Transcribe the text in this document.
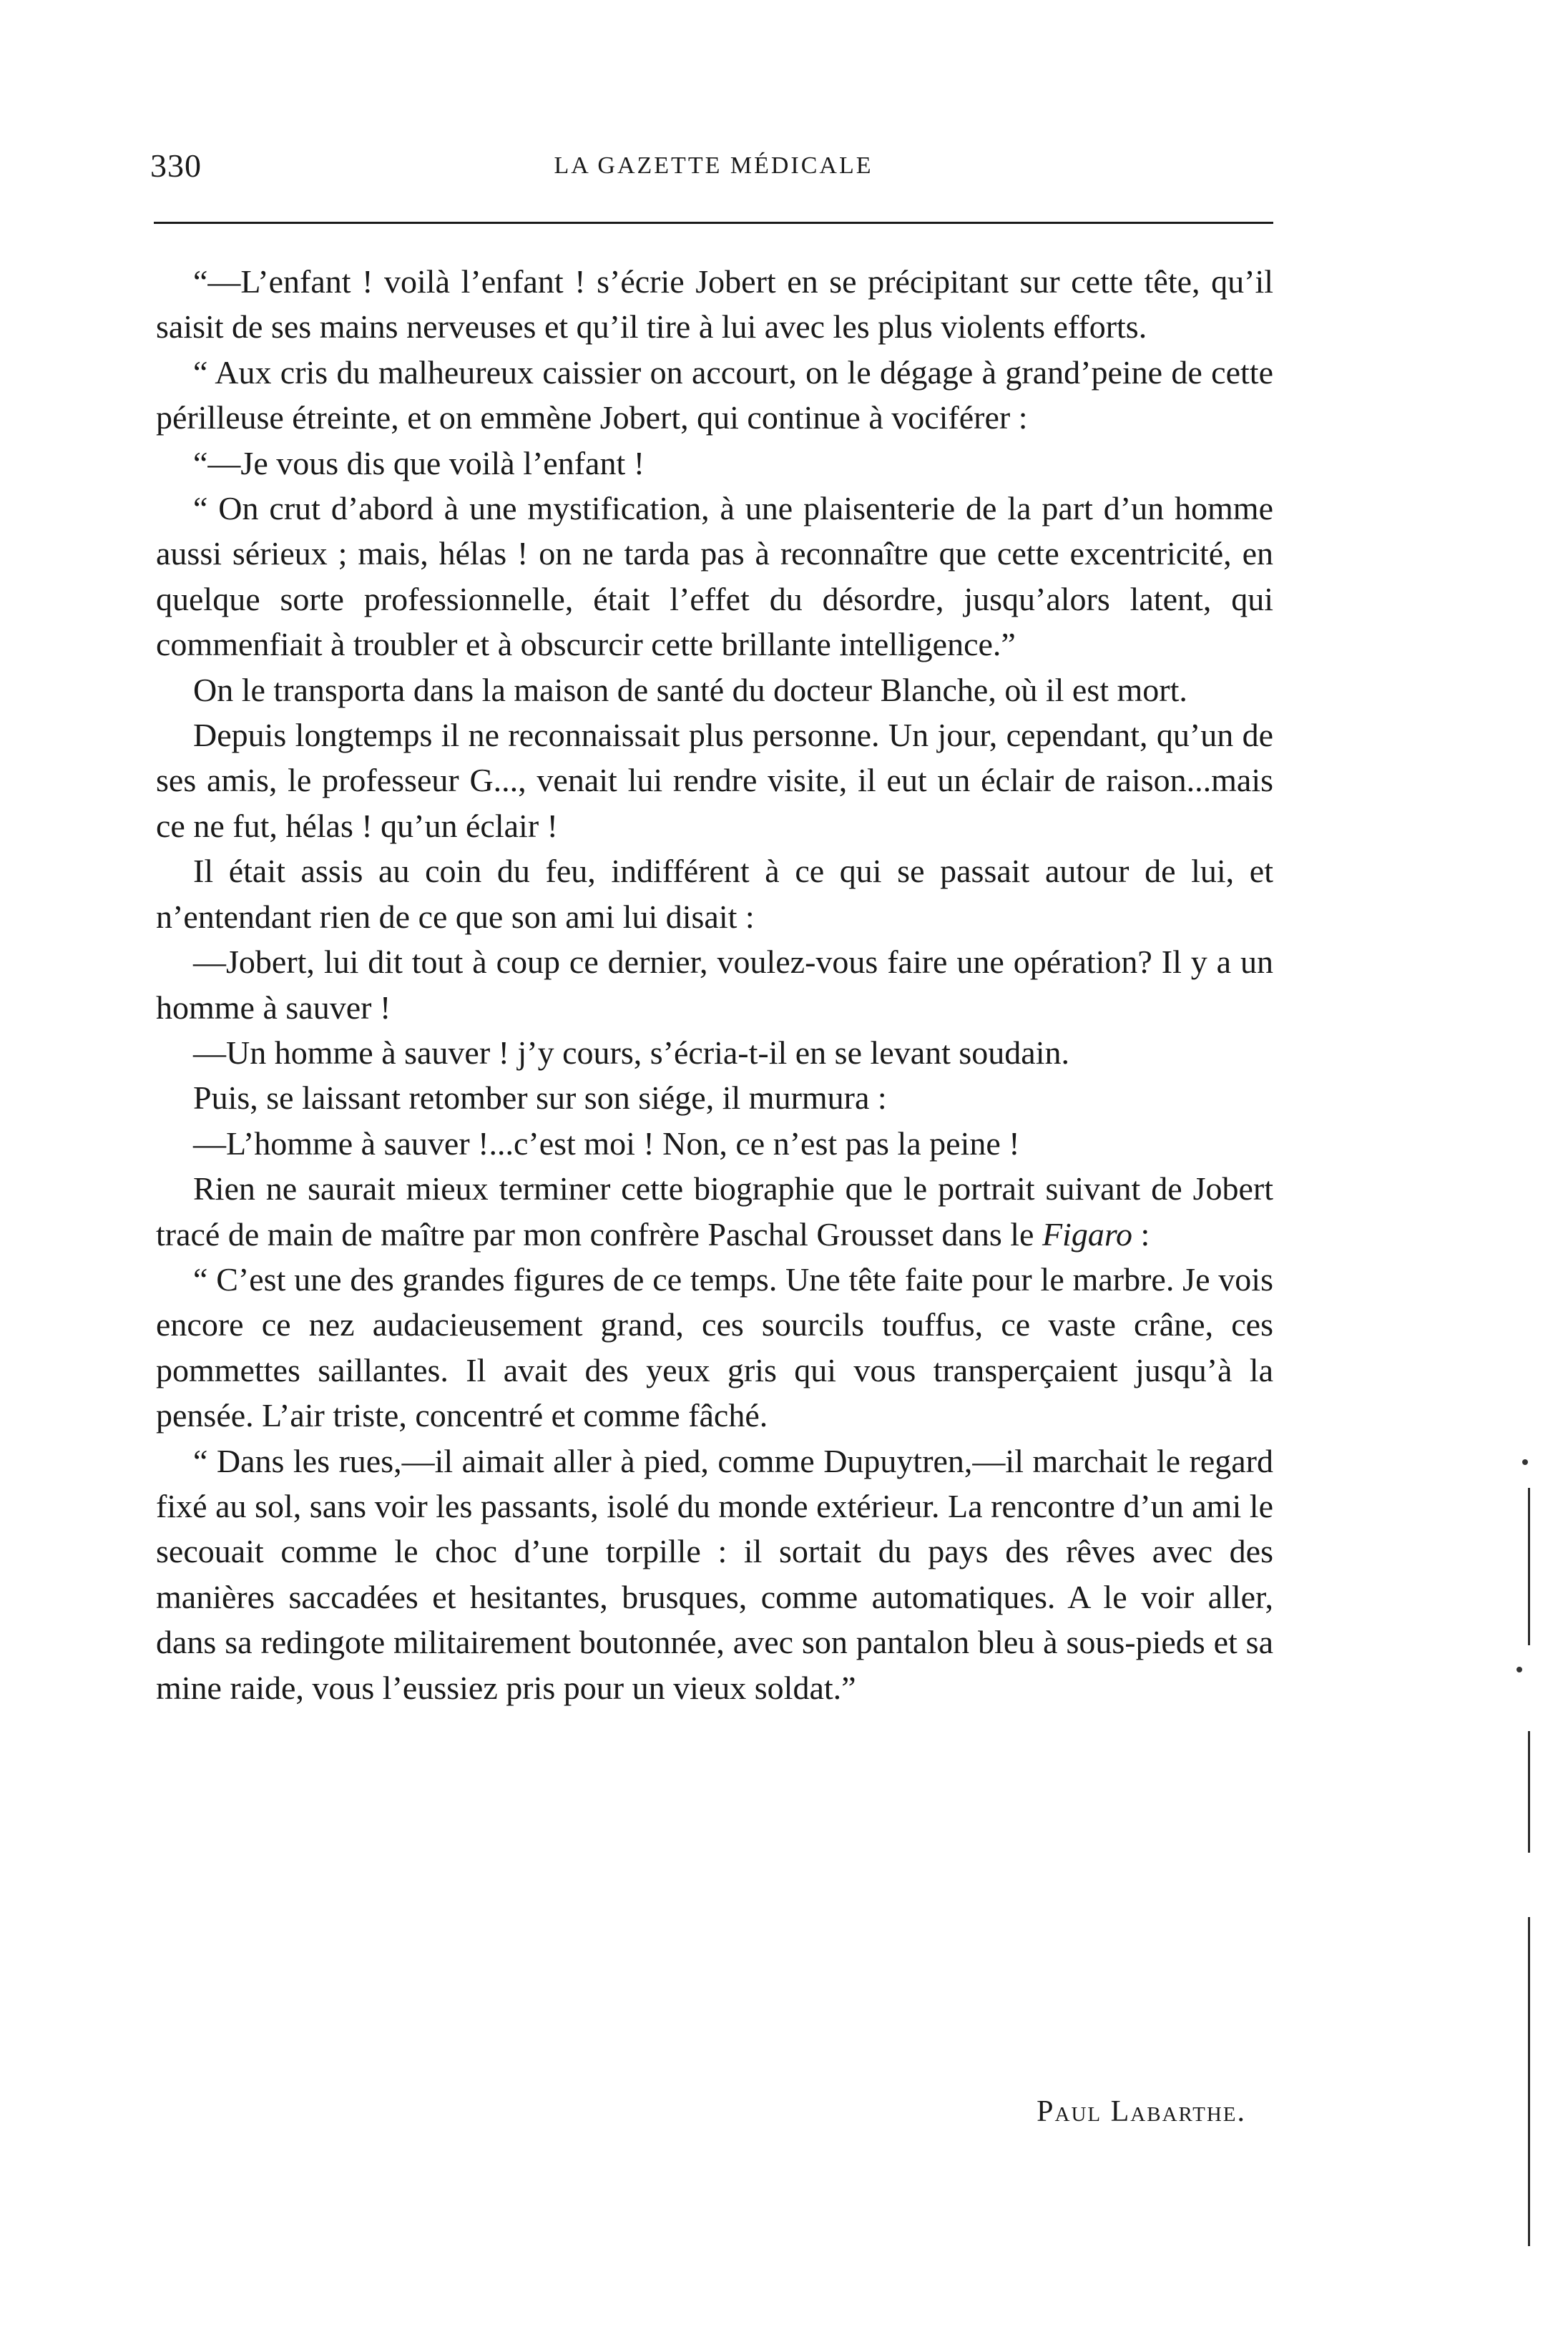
330	LA GAZETTE MÉDICALE

“—L’enfant ! voilà l’enfant ! s’écrie Jobert en se précipitant sur cette tête, qu’il saisit de ses mains nerveuses et qu’il tire à lui avec les plus violents efforts.

“ Aux cris du malheureux caissier on accourt, on le dégage à grand’peine de cette périlleuse étreinte, et on emmène Jobert, qui continue à vociférer :

“—Je vous dis que voilà l’enfant !

“ On crut d’abord à une mystification, à une plaisenterie de la part d’un homme aussi sérieux ; mais, hélas ! on ne tarda pas à reconnaître que cette excentricité, en quelque sorte professionnelle, était l’effet du désordre, jusqu’alors latent, qui commenfiait à troubler et à obscurcir cette brillante intelligence.”

On le transporta dans la maison de santé du docteur Blanche, où il est mort.

Depuis longtemps il ne reconnaissait plus personne. Un jour, cependant, qu’un de ses amis, le professeur G..., venait lui rendre visite, il eut un éclair de raison...mais ce ne fut, hélas ! qu’un éclair !

Il était assis au coin du feu, indifférent à ce qui se passait autour de lui, et n’entendant rien de ce que son ami lui disait :

—Jobert, lui dit tout à coup ce dernier, voulez-vous faire une opération? Il y a un homme à sauver !

—Un homme à sauver ! j’y cours, s’écria-t-il en se levant soudain.

Puis, se laissant retomber sur son siége, il murmura :

—L’homme à sauver !...c’est moi ! Non, ce n’est pas la peine !

Rien ne saurait mieux terminer cette biographie que le portrait suivant de Jobert tracé de main de maître par mon confrère Paschal Grousset dans le Figaro :

“ C’est une des grandes figures de ce temps. Une tête faite pour le marbre. Je vois encore ce nez audacieusement grand, ces sourcils touffus, ce vaste crâne, ces pommettes saillantes. Il avait des yeux gris qui vous transperçaient jusqu’à la pensée. L’air triste, concentré et comme fâché.

“ Dans les rues,—il aimait aller à pied, comme Dupuytren,—il marchait le regard fixé au sol, sans voir les passants, isolé du monde extérieur. La rencontre d’un ami le secouait comme le choc d’une torpille : il sortait du pays des rêves avec des manières saccadées et hesitantes, brusques, comme automatiques. A le voir aller, dans sa redingote militairement boutonnée, avec son pantalon bleu à sous-pieds et sa mine raide, vous l’eussiez pris pour un vieux soldat.”

Paul Labarthe.
